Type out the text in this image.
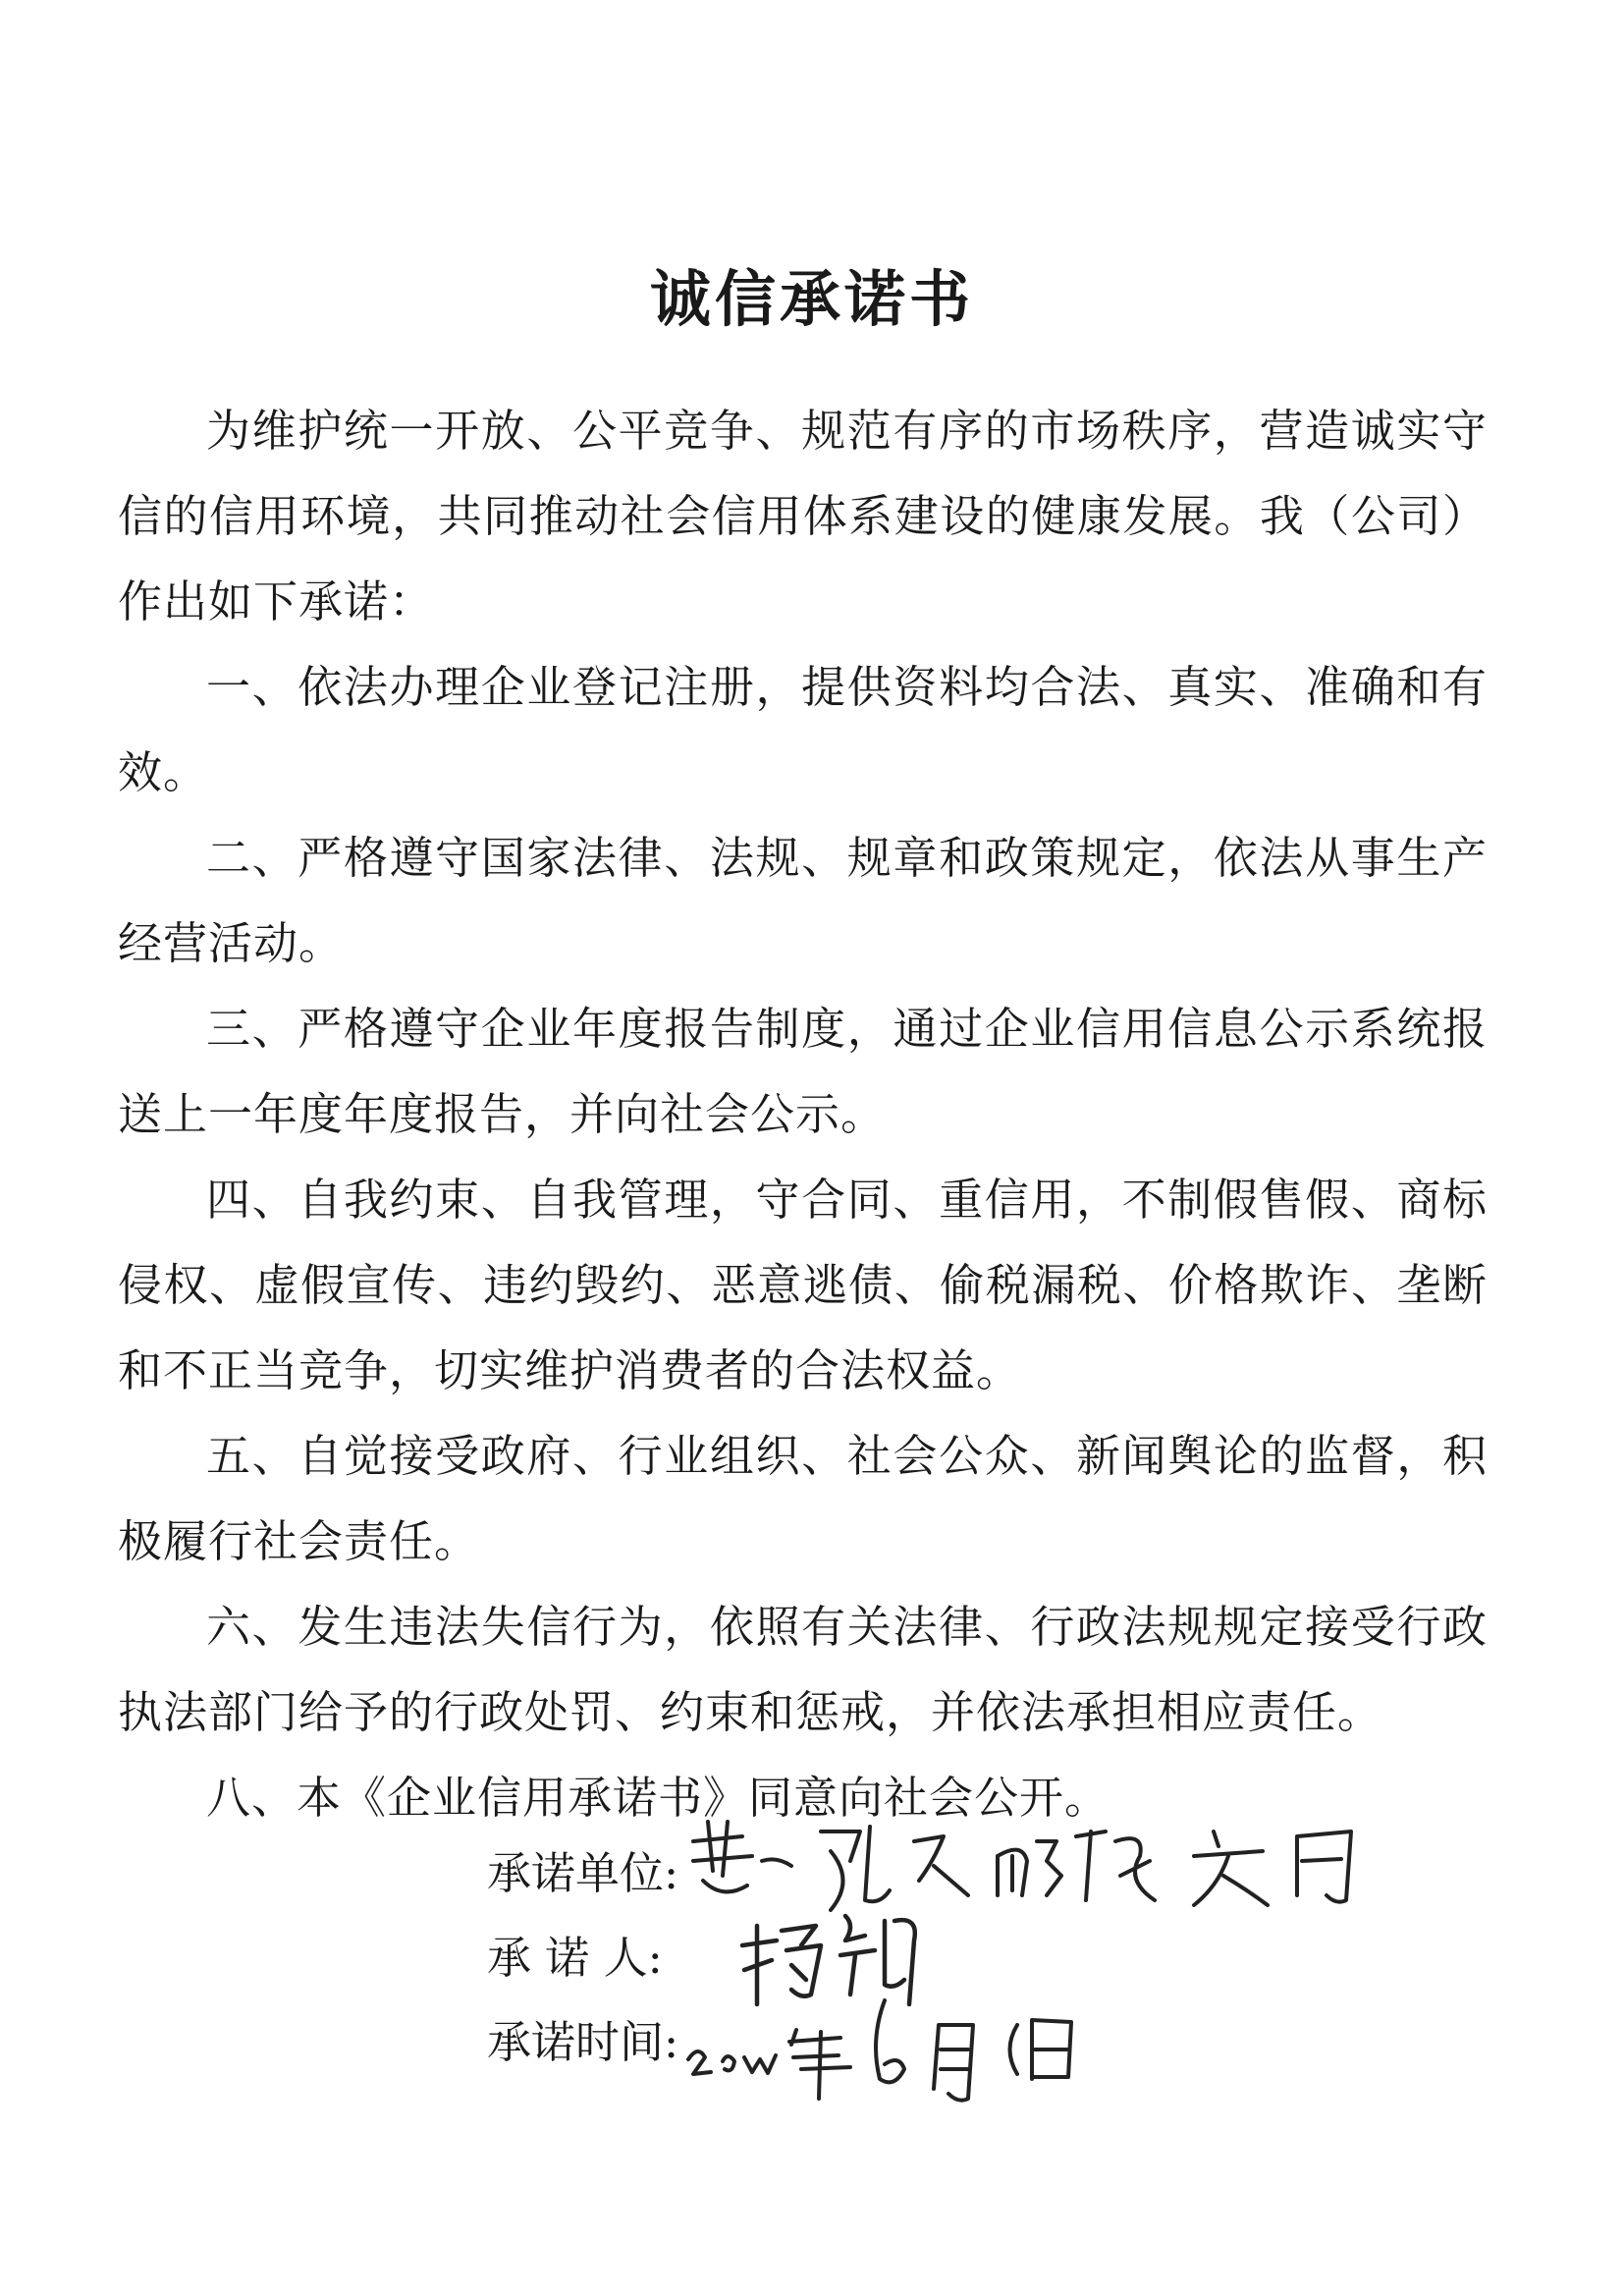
诚信承诺书

为维护统一开放、公平竞争、规范有序的市场秩序，营造诚实守信的信用环境，共同推动社会信用体系建设的健康发展。我（公司）作出如下承诺：

一、依法办理企业登记注册，提供资料均合法、真实、准确和有效。

二、严格遵守国家法律、法规、规章和政策规定，依法从事生产经营活动。

三、严格遵守企业年度报告制度，通过企业信用信息公示系统报送上一年度年度报告，并向社会公示。

四、自我约束、自我管理，守合同、重信用，不制假售假、商标侵权、虚假宣传、违约毁约、恶意逃债、偷税漏税、价格欺诈、垄断和不正当竞争，切实维护消费者的合法权益。

五、自觉接受政府、行业组织、社会公众、新闻舆论的监督，积极履行社会责任。

六、发生违法失信行为，依照有关法律、行政法规规定接受行政执法部门给予的行政处罚、约束和惩戒，并依法承担相应责任。

八、本《企业信用承诺书》同意向社会公开。

承诺单位:
承 诺 人:
承诺时间:
